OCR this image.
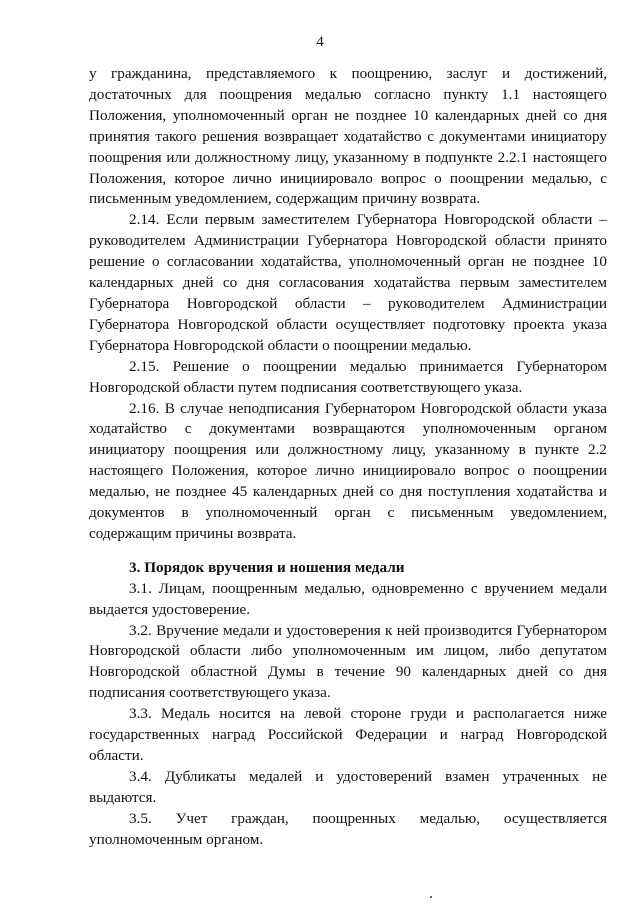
4

у гражданина, представляемого к поощрению, заслуг и достижений, достаточных для поощрения медалью согласно пункту 1.1 настоящего Положения, уполномоченный орган не позднее 10 календарных дней со дня принятия такого решения возвращает ходатайство с документами инициатору поощрения или должностному лицу, указанному в подпункте 2.2.1 настоящего Положения, которое лично инициировало вопрос о поощрении медалью, с письменным уведомлением, содержащим причину возврата.

2.14. Если первым заместителем Губернатора Новгородской области – руководителем Администрации Губернатора Новгородской области принято решение о согласовании ходатайства, уполномоченный орган не позднее 10 календарных дней со дня согласования ходатайства первым заместителем Губернатора Новгородской области – руководителем Администрации Губернатора Новгородской области осуществляет подготовку проекта указа Губернатора Новгородской области о поощрении медалью.

2.15. Решение о поощрении медалью принимается Губернатором Новгородской области путем подписания соответствующего указа.

2.16. В случае неподписания Губернатором Новгородской области указа ходатайство с документами возвращаются уполномоченным органом инициатору поощрения или должностному лицу, указанному в пункте 2.2 настоящего Положения, которое лично инициировало вопрос о поощрении медалью, не позднее 45 календарных дней со дня поступления ходатайства и документов в уполномоченный орган с письменным уведомлением, содержащим причины возврата.

3. Порядок вручения и ношения медали

3.1. Лицам, поощренным медалью, одновременно с вручением медали выдается удостоверение.

3.2. Вручение медали и удостоверения к ней производится Губернатором Новгородской области либо уполномоченным им лицом, либо депутатом Новгородской областной Думы в течение 90 календарных дней со дня подписания соответствующего указа.

3.3. Медаль носится на левой стороне груди и располагается ниже государственных наград Российской Федерации и наград Новгородской области.

3.4. Дубликаты медалей и удостоверений взамен утраченных не выдаются.

3.5. Учет граждан, поощренных медалью, осуществляется уполномоченным органом.
